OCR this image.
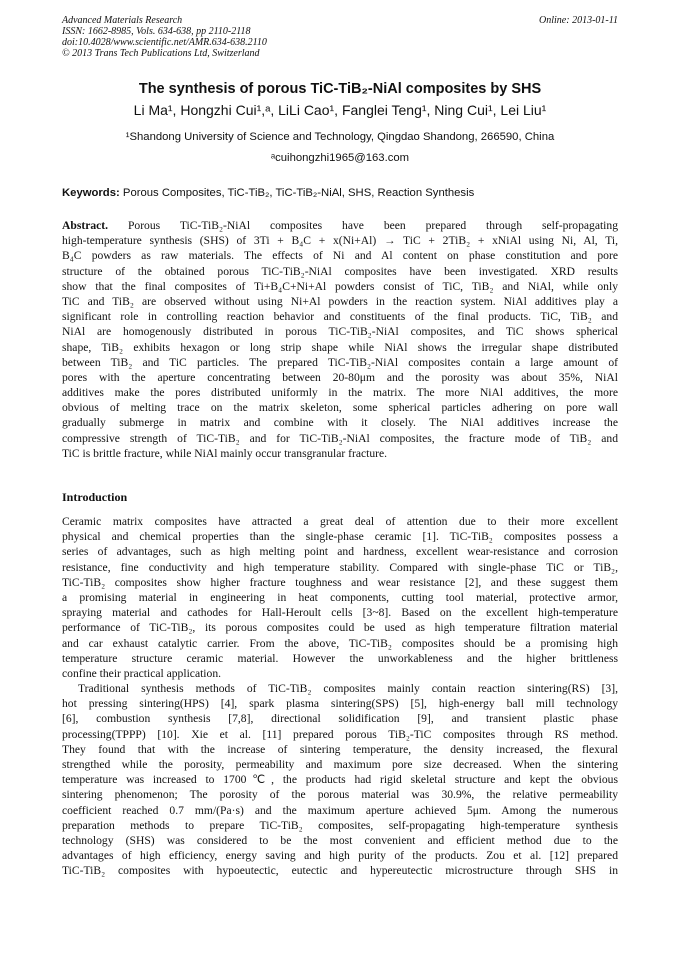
Advanced Materials Research
ISSN: 1662-8985, Vols. 634-638, pp 2110-2118
doi:10.4028/www.scientific.net/AMR.634-638.2110
© 2013 Trans Tech Publications Ltd, Switzerland
Online: 2013-01-11
The synthesis of porous TiC-TiB₂-NiAl composites by SHS
Li Ma¹, Hongzhi Cui¹,ᵃ, LiLi Cao¹, Fanglei Teng¹, Ning Cui¹, Lei Liu¹
¹Shandong University of Science and Technology, Qingdao Shandong, 266590, China
ᵃcuihongzhi1965@163.com
Keywords: Porous Composites, TiC-TiB₂, TiC-TiB₂-NiAl, SHS, Reaction Synthesis
Abstract. Porous TiC-TiB₂-NiAl composites have been prepared through self-propagating
high-temperature synthesis (SHS) of 3Ti + B₄C + x(Ni+Al) → TiC + 2TiB₂ + xNiAl using Ni, Al, Ti,
B₄C powders as raw materials. The effects of Ni and Al content on phase constitution and pore
structure of the obtained porous TiC-TiB₂-NiAl composites have been investigated. XRD results
show that the final composites of Ti+B₄C+Ni+Al powders consist of TiC, TiB₂ and NiAl, while only
TiC and TiB₂ are observed without using Ni+Al powders in the reaction system. NiAl additives play a
significant role in controlling reaction behavior and constituents of the final products. TiC, TiB₂ and
NiAl are homogenously distributed in porous TiC-TiB₂-NiAl composites, and TiC shows spherical
shape, TiB₂ exhibits hexagon or long strip shape while NiAl shows the irregular shape distributed
between TiB₂ and TiC particles. The prepared TiC-TiB₂-NiAl composites contain a large amount of
pores with the aperture concentrating between 20-80μm and the porosity was about 35%, NiAl
additives make the pores distributed uniformly in the matrix. The more NiAl additives, the more
obvious of melting trace on the matrix skeleton, some spherical particles adhering on pore wall
gradually submerge in matrix and combine with it closely. The NiAl additives increase the
compressive strength of TiC-TiB₂ and for TiC-TiB₂-NiAl composites, the fracture mode of TiB₂ and
TiC is brittle fracture, while NiAl mainly occur transgranular fracture.
Introduction
Ceramic matrix composites have attracted a great deal of attention due to their more excellent
physical and chemical properties than the single-phase ceramic [1]. TiC-TiB₂ composites possess a
series of advantages, such as high melting point and hardness, excellent wear-resistance and corrosion
resistance, fine conductivity and high temperature stability. Compared with single-phase TiC or TiB₂,
TiC-TiB₂ composites show higher fracture toughness and wear resistance [2], and these suggest them
a promising material in engineering in heat components, cutting tool material, protective armor,
spraying material and cathodes for Hall-Heroult cells [3~8]. Based on the excellent high-temperature
performance of TiC-TiB₂, its porous composites could be used as high temperature filtration material
and car exhaust catalytic carrier. From the above, TiC-TiB₂ composites should be a promising high
temperature structure ceramic material. However the unworkableness and the higher brittleness
confine their practical application.
Traditional synthesis methods of TiC-TiB₂ composites mainly contain reaction sintering(RS) [3],
hot pressing sintering(HPS) [4], spark plasma sintering(SPS) [5], high-energy ball mill technology
[6], combustion synthesis [7,8], directional solidification [9], and transient plastic phase
processing(TPPP) [10]. Xie et al. [11] prepared porous TiB₂-TiC composites through RS method.
They found that with the increase of sintering temperature, the density increased, the flexural
strengthed while the porosity, permeability and maximum pore size decreased. When the sintering
temperature was increased to 1700℃, the products had rigid skeletal structure and kept the obvious
sintering phenomenon; The porosity of the porous material was 30.9%, the relative permeability
coefficient reached 0.7 mm/(Pa·s) and the maximum aperture achieved 5μm. Among the numerous
preparation methods to prepare TiC-TiB₂ composites, self-propagating high-temperature synthesis
technology (SHS) was considered to be the most convenient and efficient method due to the
advantages of high efficiency, energy saving and high purity of the products. Zou et al. [12] prepared
TiC-TiB₂ composites with hypoeutectic, eutectic and hypereutectic microstructure through SHS in
